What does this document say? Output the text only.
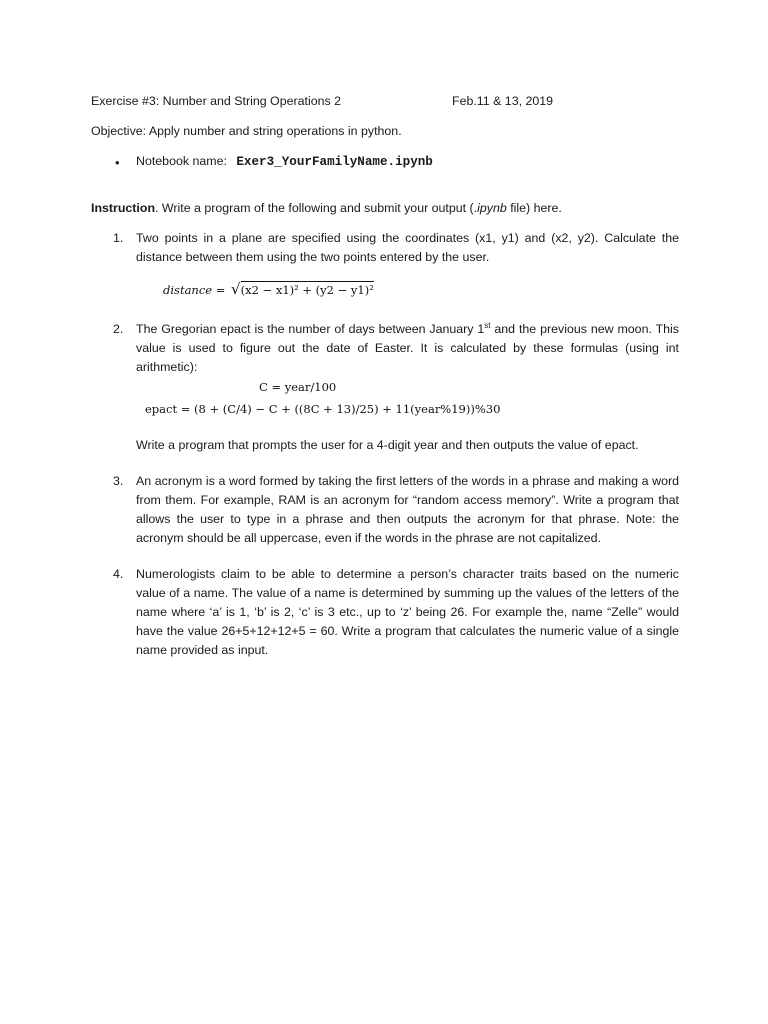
Exercise #3: Number and String Operations 2	Feb.11 & 13, 2019
Objective: Apply number and string operations in python.
• Notebook name: Exer3_YourFamilyName.ipynb
Instruction. Write a program of the following and submit your output (.ipynb file) here.
1.	Two points in a plane are specified using the coordinates (x1, y1) and (x2, y2). Calculate the distance between them using the two points entered by the user.
distance = √(x2 − x1)² + (y2 − y1)²
2.	The Gregorian epact is the number of days between January 1st and the previous new moon. This value is used to figure out the date of Easter. It is calculated by these formulas (using int arithmetic):
C = year/100
epact = (8 + (C/4) − C + ((8C + 13)/25) + 11(year%19))%30
Write a program that prompts the user for a 4-digit year and then outputs the value of epact.
3.	An acronym is a word formed by taking the first letters of the words in a phrase and making a word from them. For example, RAM is an acronym for “random access memory”. Write a program that allows the user to type in a phrase and then outputs the acronym for that phrase. Note: the acronym should be all uppercase, even if the words in the phrase are not capitalized.
4.	Numerologists claim to be able to determine a person’s character traits based on the numeric value of a name. The value of a name is determined by summing up the values of the letters of the name where ‘a’ is 1, ‘b’ is 2, ‘c’ is 3 etc., up to ‘z’ being 26. For example the, name “Zelle” would have the value 26+5+12+12+5 = 60. Write a program that calculates the numeric value of a single name provided as input.
